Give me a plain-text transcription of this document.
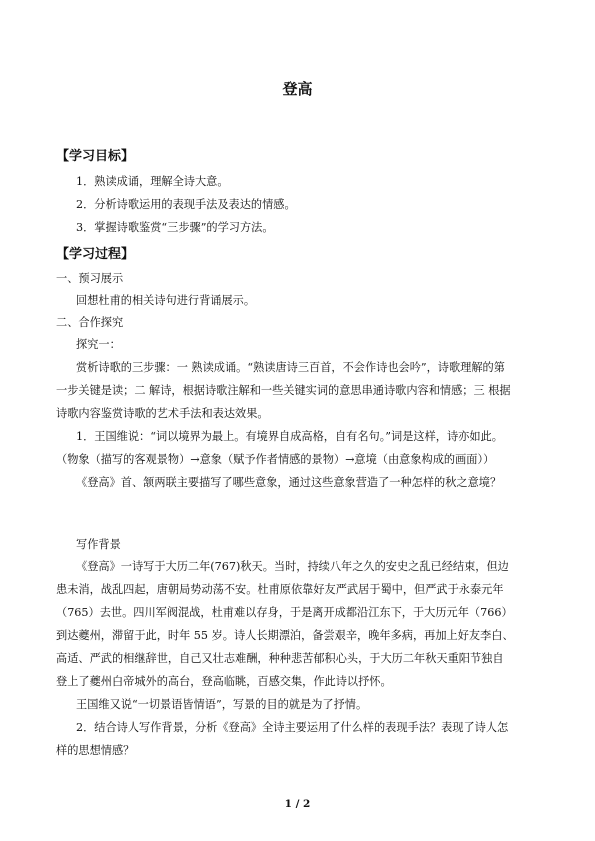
登高
【学习目标】
1．熟读成诵，理解全诗大意。
2．分析诗歌运用的表现手法及表达的情感。
3．掌握诗歌鉴赏“三步骤”的学习方法。
【学习过程】
一、预习展示
回想杜甫的相关诗句进行背诵展示。
二、合作探究
探究一：
赏析诗歌的三步骤：一 熟读成诵。“熟读唐诗三百首，不会作诗也会吟”，诗歌理解的第
一步关键是读；二 解诗，根据诗歌注解和一些关键实词的意思串通诗歌内容和情感；三 根据
诗歌内容鉴赏诗歌的艺术手法和表达效果。
1．王国维说：“词以境界为最上。有境界自成高格，自有名句。”词是这样，诗亦如此。
（物象（描写的客观景物）→意象（赋予作者情感的景物）→意境（由意象构成的画面））
《登高》首、颔两联主要描写了哪些意象，通过这些意象营造了一种怎样的秋之意境？
写作背景
《登高》一诗写于大历二年(767)秋天。当时，持续八年之久的安史之乱已经结束，但边
患未消，战乱四起，唐朝局势动荡不安。杜甫原依靠好友严武居于蜀中，但严武于永泰元年
（765）去世。四川军阀混战，杜甫难以存身，于是离开成都沿江东下，于大历元年（766）
到达夔州，滞留于此，时年 55 岁。诗人长期漂泊，备尝艰辛，晚年多病，再加上好友李白、
高适、严武的相继辞世，自己又壮志难酬，种种悲苦郁积心头，于大历二年秋天重阳节独自
登上了夔州白帝城外的高台，登高临眺，百感交集，作此诗以抒怀。
王国维又说“一切景语皆情语”，写景的目的就是为了抒情。
2．结合诗人写作背景，分析《登高》全诗主要运用了什么样的表现手法？表现了诗人怎
样的思想情感？
1 / 2
